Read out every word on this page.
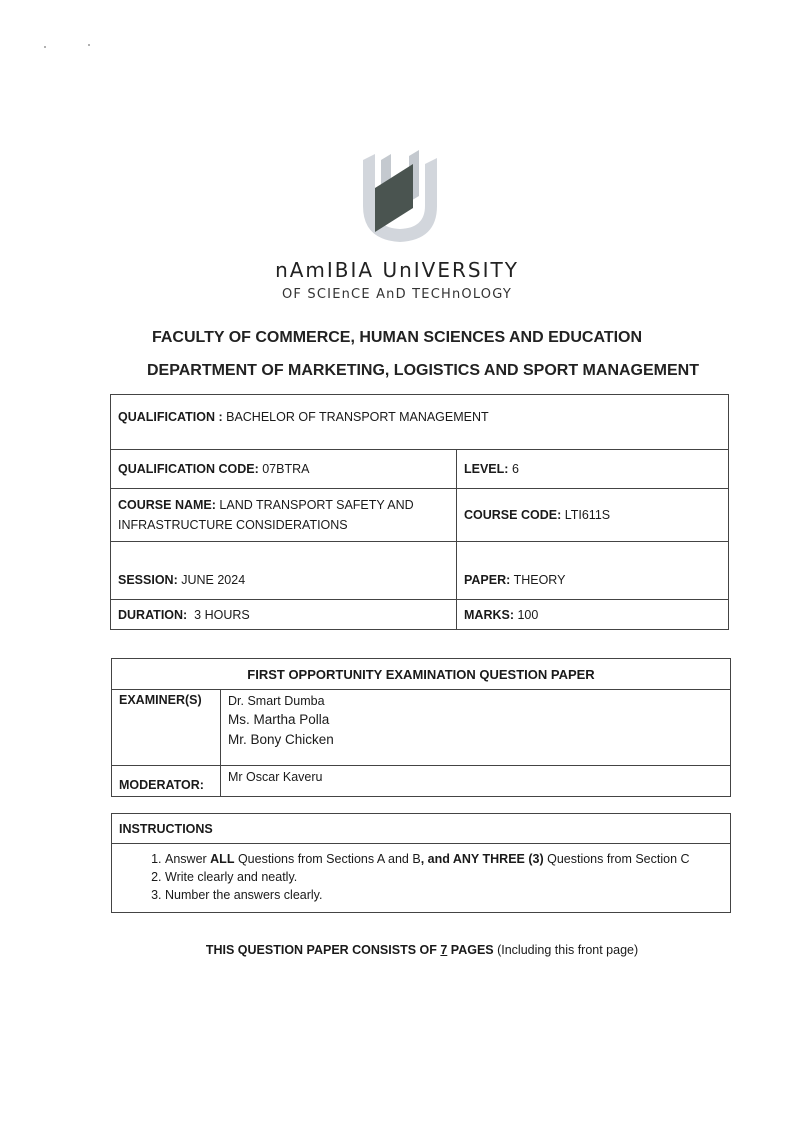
nAmIBIA UnIVERSITY
OF SCIEnCE AnD TECHnOLOGY
FACULTY OF COMMERCE, HUMAN SCIENCES AND EDUCATION
DEPARTMENT OF MARKETING, LOGISTICS AND SPORT MANAGEMENT
QUALIFICATION : BACHELOR OF TRANSPORT MANAGEMENT	
QUALIFICATION CODE: 07BTRA	LEVEL: 6
COURSE NAME: LAND TRANSPORT SAFETY AND INFRASTRUCTURE CONSIDERATIONS	COURSE CODE: LTI611S
SESSION: JUNE 2024	PAPER: THEORY
DURATION: 3 HOURS	MARKS: 100
FIRST OPPORTUNITY EXAMINATION QUESTION PAPER	
EXAMINER(S)	Dr. Smart Dumba
Ms. Martha Polla
Mr. Bony Chicken

MODERATOR:	Mr Oscar Kaveru
INSTRUCTIONS

1. Answer ALL Questions from Sections A and B, and ANY THREE (3) Questions from Section C
2. Write clearly and neatly.
3. Number the answers clearly.
THIS QUESTION PAPER CONSISTS OF 7 PAGES (Including this front page)
